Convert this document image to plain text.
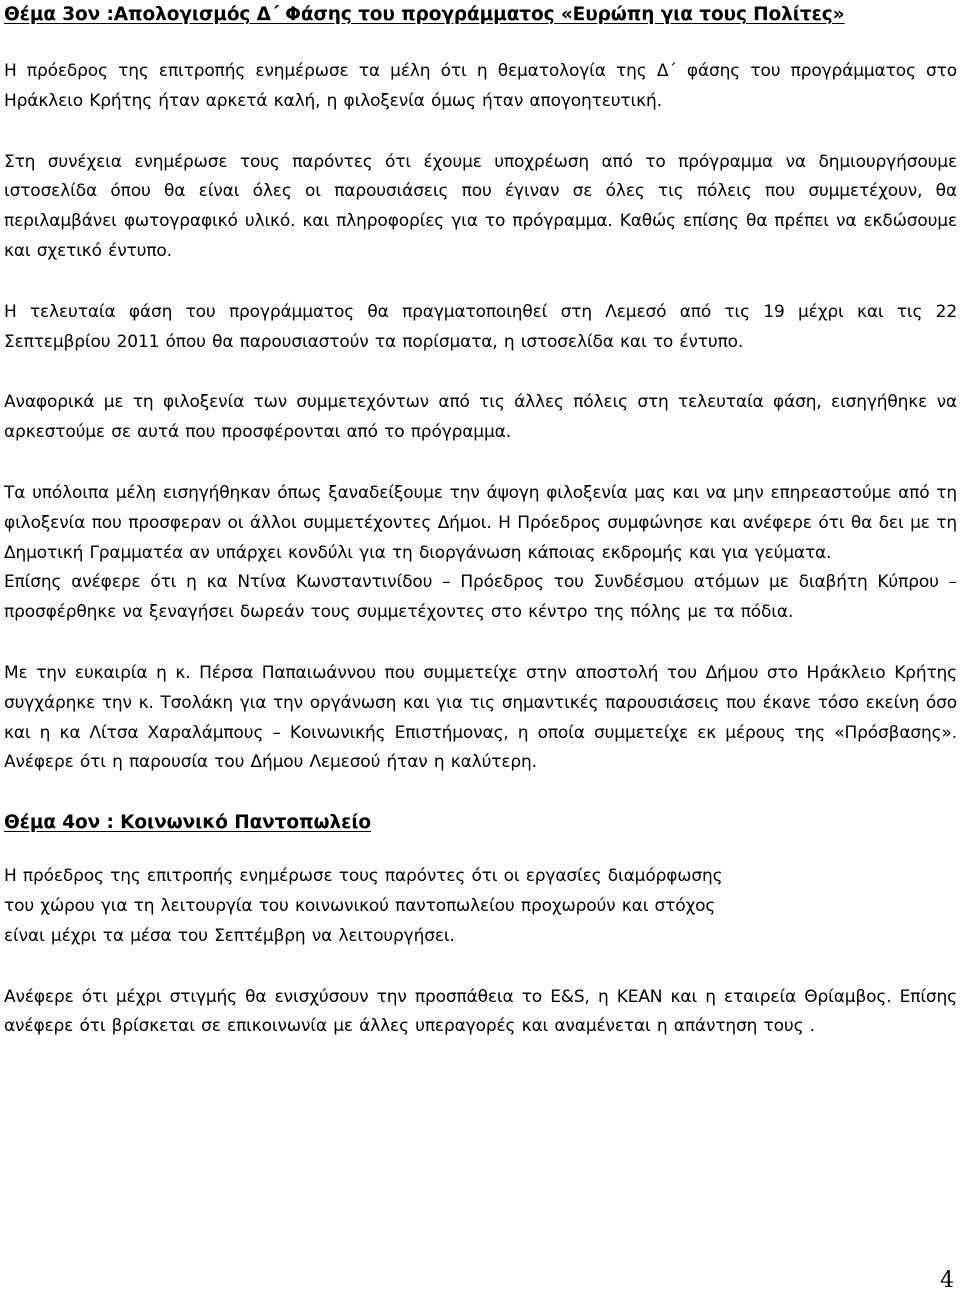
Θέμα 3ον :Απολογισμός Δ΄ Φάσης του προγράμματος «Ευρώπη για τους Πολίτες»

Η πρόεδρος της επιτροπής ενημέρωσε τα μέλη ότι η θεματολογία της Δ΄ φάσης του προγράμματος στο Ηράκλειο Κρήτης ήταν αρκετά καλή, η φιλοξενία όμως ήταν απογοητευτική.

Στη συνέχεια ενημέρωσε τους παρόντες ότι έχουμε υποχρέωση από το πρόγραμμα να δημιουργήσουμε ιστοσελίδα όπου θα είναι όλες οι παρουσιάσεις που έγιναν σε όλες τις πόλεις που συμμετέχουν, θα περιλαμβάνει φωτογραφικό υλικό. και πληροφορίες για το πρόγραμμα. Καθώς επίσης θα πρέπει να εκδώσουμε και σχετικό έντυπο.

Η τελευταία φάση του προγράμματος θα πραγματοποιηθεί στη Λεμεσό από τις 19 μέχρι και τις 22 Σεπτεμβρίου 2011 όπου θα παρουσιαστούν τα πορίσματα, η ιστοσελίδα και το έντυπο.

Αναφορικά με τη φιλοξενία των συμμετεχόντων από τις άλλες πόλεις στη τελευταία φάση, εισηγήθηκε να αρκεστούμε σε αυτά που προσφέρονται από το πρόγραμμα.

Τα υπόλοιπα μέλη εισηγήθηκαν όπως ξαναδείξουμε την άψογη φιλοξενία μας και να μην επηρεαστούμε από τη φιλοξενία που προσφεραν οι άλλοι συμμετέχοντες Δήμοι. Η Πρόεδρος συμφώνησε και ανέφερε ότι θα δει με τη Δημοτική Γραμματέα αν υπάρχει κονδύλι για τη διοργάνωση κάποιας εκδρομής και για γεύματα.

Επίσης ανέφερε ότι η κα Ντίνα Κωνσταντινίδου – Πρόεδρος του Συνδέσμου ατόμων με διαβήτη Κύπρου – προσφέρθηκε να ξεναγήσει δωρεάν τους συμμετέχοντες στο κέντρο της πόλης με τα πόδια.

Με την ευκαιρία η κ. Πέρσα Παπαιωάννου που συμμετείχε στην αποστολή του Δήμου στο Ηράκλειο Κρήτης συγχάρηκε την κ. Τσολάκη για την οργάνωση και για τις σημαντικές παρουσιάσεις που έκανε τόσο εκείνη όσο και η κα Λίτσα Χαραλάμπους – Κοινωνικής Επιστήμονας, η οποία συμμετείχε εκ μέρους της «Πρόσβασης». Ανέφερε ότι η παρουσία του Δήμου Λεμεσού ήταν η καλύτερη.

Θέμα 4ον : Κοινωνικό Παντοπωλείο

Η πρόεδρος της επιτροπής ενημέρωσε τους παρόντες ότι οι εργασίες διαμόρφωσης
του χώρου για τη λειτουργία του κοινωνικού παντοπωλείου προχωρούν και στόχος
είναι μέχρι τα μέσα του Σεπτέμβρη να λειτουργήσει.

Ανέφερε ότι μέχρι στιγμής θα ενισχύσουν την προσπάθεια το E&S, η ΚΕΑΝ και η εταιρεία Θρίαμβος. Επίσης ανέφερε ότι βρίσκεται σε επικοινωνία με άλλες υπεραγορές και αναμένεται η απάντηση τους .

4
